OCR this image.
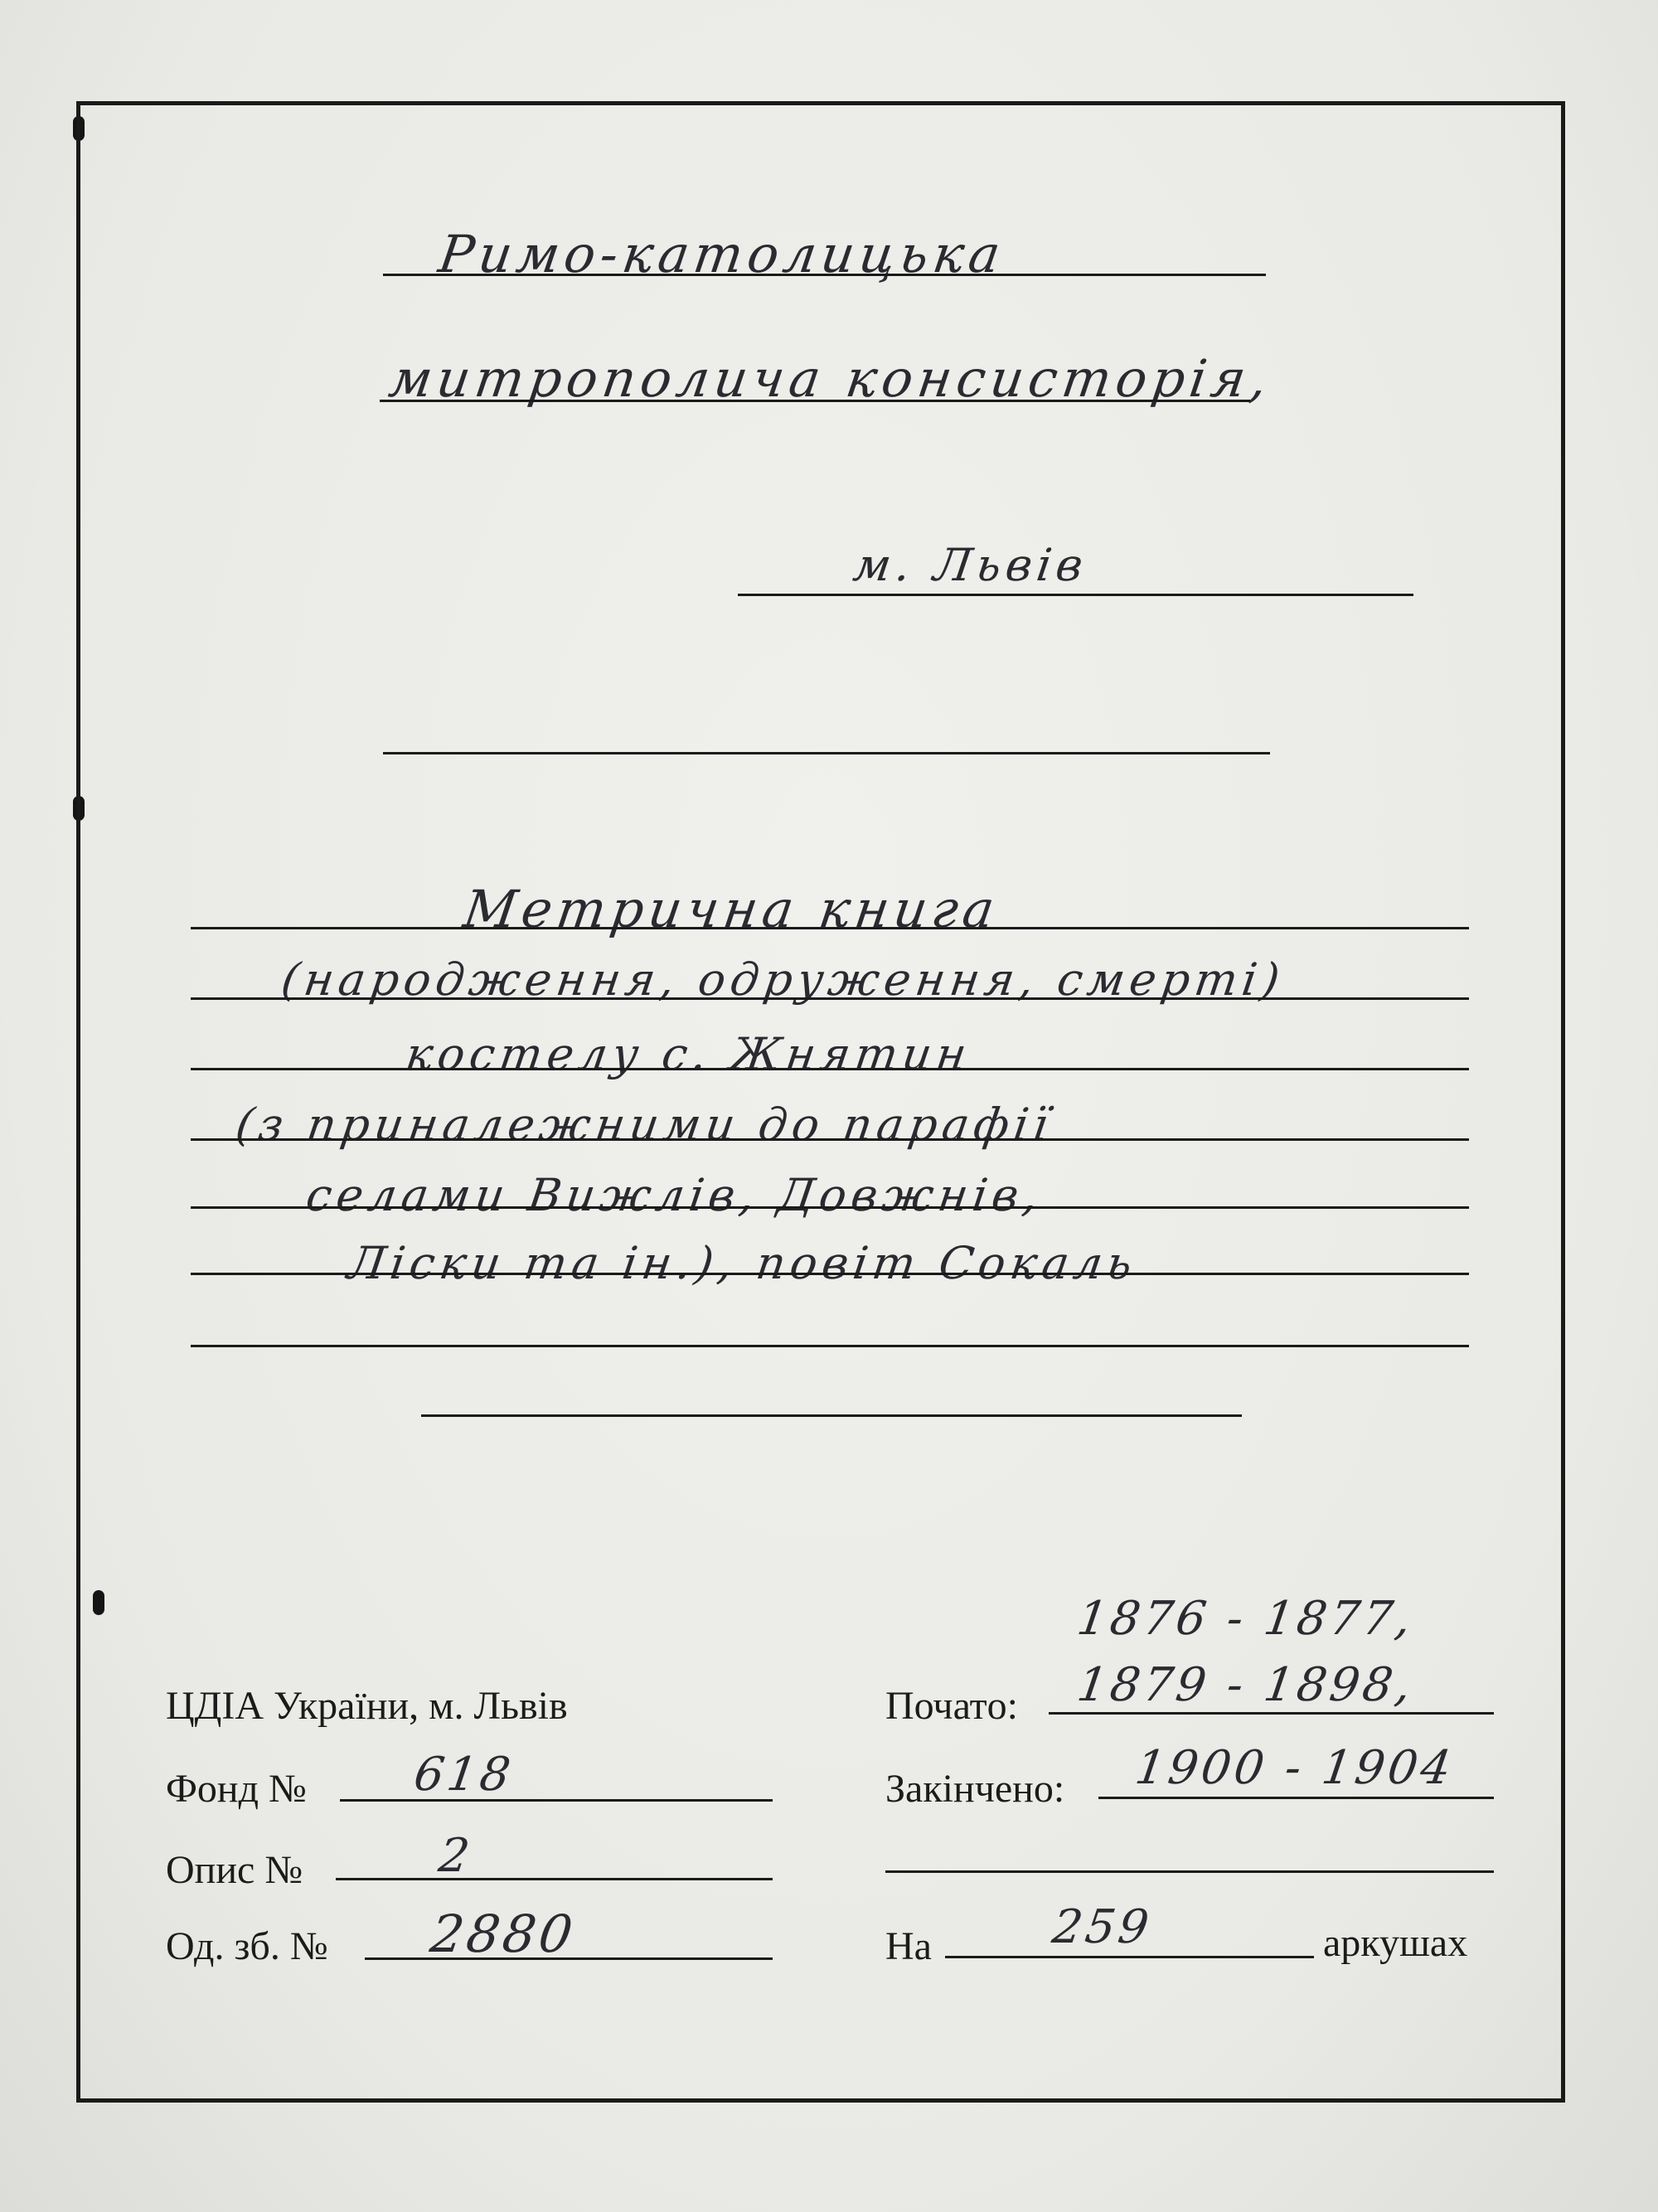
Римо-католицька
митрополича консисторія,
м. Львів
Метрична книга
(народження, одруження, смерті)
костелу с. Жнятин
(з приналежними до парафії
селами Вижлів, Довжнів,
Ліски та ін.), повіт Сокаль
ЦДІА України, м. Львів
Фонд № 618
Опис №	2
Од. зб. № 2880
1876 - 1877,
Початo: 1879 - 1898,
Закінчено: 1900 - 1904
На	259	аркушах
